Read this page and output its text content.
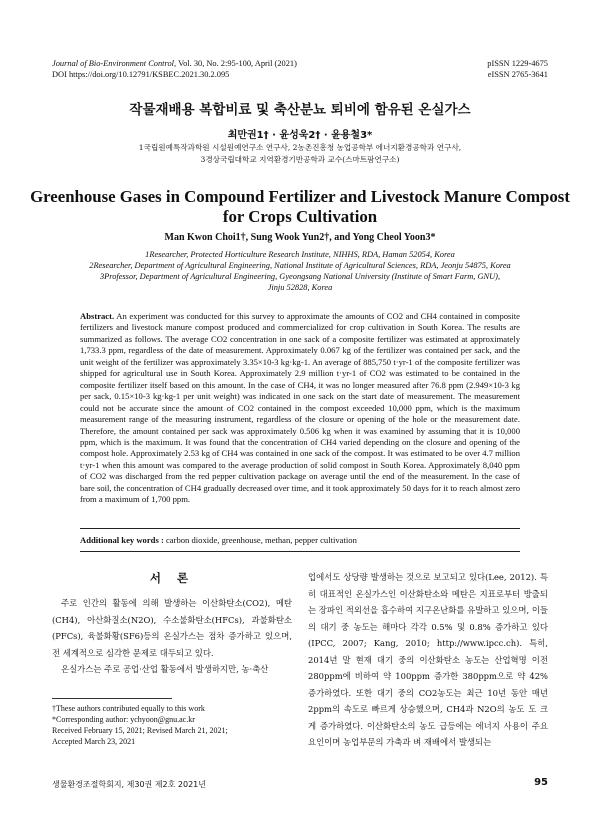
Journal of Bio-Environment Control, Vol. 30, No. 2:95-100, April (2021)
DOI https://doi.org/10.12791/KSBEC.2021.30.2.095
pISSN 1229-4675
eISSN 2765-3641
작물재배용 복합비료 및 축산분뇨 퇴비에 함유된 온실가스
최만권1† · 윤성욱2† · 윤용철3*
1국립원예특작과학원 시설원예연구소 연구사, 2농촌진흥청 농업공학부 에너지환경공학과 연구사,
3경상국립대학교 지역환경기반공학과 교수(스마트팜연구소)
Greenhouse Gases in Compound Fertilizer and Livestock Manure Compost
for Crops Cultivation
Man Kwon Choi1†, Sung Wook Yun2†, and Yong Cheol Yoon3*
1Researcher, Protected Horticulture Research Institute, NIHHS, RDA, Haman 52054, Korea
2Researcher, Department of Agricultural Engineering, National Institute of Agricultural Sciences, RDA, Jeonju 54875, Korea
3Professor, Department of Agricultural Engineering, Gyeongsang National University (Institute of Smart Farm, GNU),
Jinju 52828, Korea
Abstract. An experiment was conducted for this survey to approximate the amounts of CO2 and CH4 contained in composite fertilizers and livestock manure compost produced and commercialized for crop cultivation in South Korea. The results are summarized as follows. The average CO2 concentration in one sack of a composite fertilizer was estimated at approximately 1,733.3 ppm, regardless of the date of measurement. Approximately 0.067 kg of the fertilizer was contained per sack, and the unit weight of the fertilizer was approximately 3.35×10-3 kg·kg-1. An average of 885,750 t·yr-1 of the composite fertilizer was shipped for agricultural use in South Korea. Approximately 2.9 million t·yr-1 of CO2 was estimated to be contained in the composite fertilizer itself based on this amount. In the case of CH4, it was no longer measured after 76.8 ppm (2.949×10-3 kg per sack, 0.15×10-3 kg·kg-1 per unit weight) was indicated in one sack on the start date of measurement. The measurement could not be accurate since the amount of CO2 contained in the compost exceeded 10,000 ppm, which is the maximum measurement range of the measuring instrument, regardless of the closure or opening of the hole or the measurement date. Therefore, the amount contained per sack was approximately 0.506 kg when it was examined by assuming that it is 10,000 ppm, which is the maximum. It was found that the concentration of CH4 varied depending on the closure and opening of the compost hole. Approximately 2.53 kg of CH4 was contained in one sack of the compost. It was estimated to be over 4.7 million t·yr-1 when this amount was compared to the average production of solid compost in South Korea. Approximately 8,040 ppm of CO2 was discharged from the red pepper cultivation package on average until the end of the measurement. In the case of bare soil, the concentration of CH4 gradually decreased over time, and it took approximately 50 days for it to reach almost zero from a maximum of 1,700 ppm.
Additional key words : carbon dioxide, greenhouse, methan, pepper cultivation
서 론

주로 인간의 활동에 의해 발생하는 이산화탄소(CO2), 메탄(CH4), 아산화질소(N2O), 수소불화탄소(HFCs), 과불화탄소(PFCs), 육불화황(SF6)등의 온실가스는 점차 증가하고 있으며, 전 세계적으로 심각한 문제로 대두되고 있다.

온실가스는 주로 공업·산업 활동에서 발생하지만, 농·축산

업에서도 상당량 발생하는 것으로 보고되고 있다(Lee, 2012). 특히 대표적인 온실가스인 이산화탄소와 메탄은 지표로부터 방출되는 장파인 적외선을 흡수하여 지구온난화를 유발하고 있으며, 이들의 대기 중 농도는 해마다 각각 0.5% 및 0.8% 증가하고 있다(IPCC, 2007; Kang, 2010; http://www.ipcc.ch). 특히, 2014년 말 현재 대기 중의 이산화탄소 농도는 산업혁명 이전 280ppm에 비하여 약 100ppm 증가한 380ppm으로 약 42% 증가하였다. 또한 대기 중의 CO2농도는 최근 10년 동안 매년 2ppm의 속도로 빠르게 상승했으며, CH4과 N2O의 농도 도 크게 증가하였다. 이산화탄소의 농도 급등에는 에너지 사용이 주요 요인이며 농업부문의 가축과 벼 재배에서 발생되는

†These authors contributed equally to this work
*Corresponding author: ychyoon@gnu.ac.kr
Received February 15, 2021; Revised March 21, 2021;
Accepted March 23, 2021
생물환경조절학회지, 제30권 제2호 2021년	95
